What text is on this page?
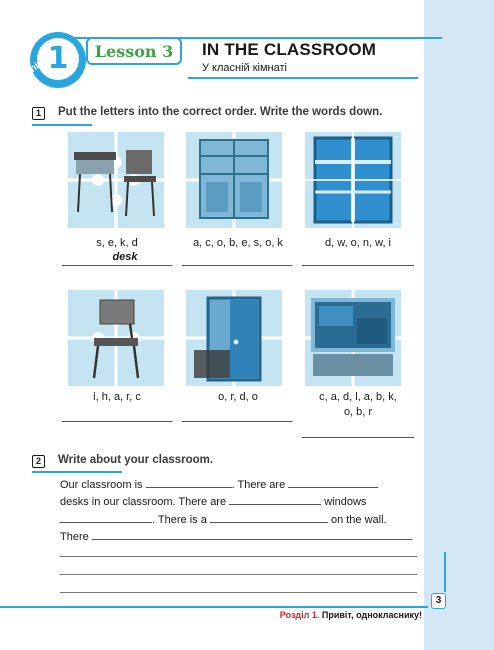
3
Розділ 1. Привіт, однокласнику!
1
Unit
Lesson 3	IN THE CLASSROOM
У класній кімнаті
1	Put the letters into the correct order. Write the words down.
s, e, k, d	a, c, o, b, e, s, o, k	d, w, o, n, w, i
desk
i, h, a, r, c	o, r, d, o	c, a, d, l, a, b, k,
o, b, r
2	Write about your classroom.
Our classroom is	. There are
desks in our classroom. There are	windows
. There is a	on the wall.
There
